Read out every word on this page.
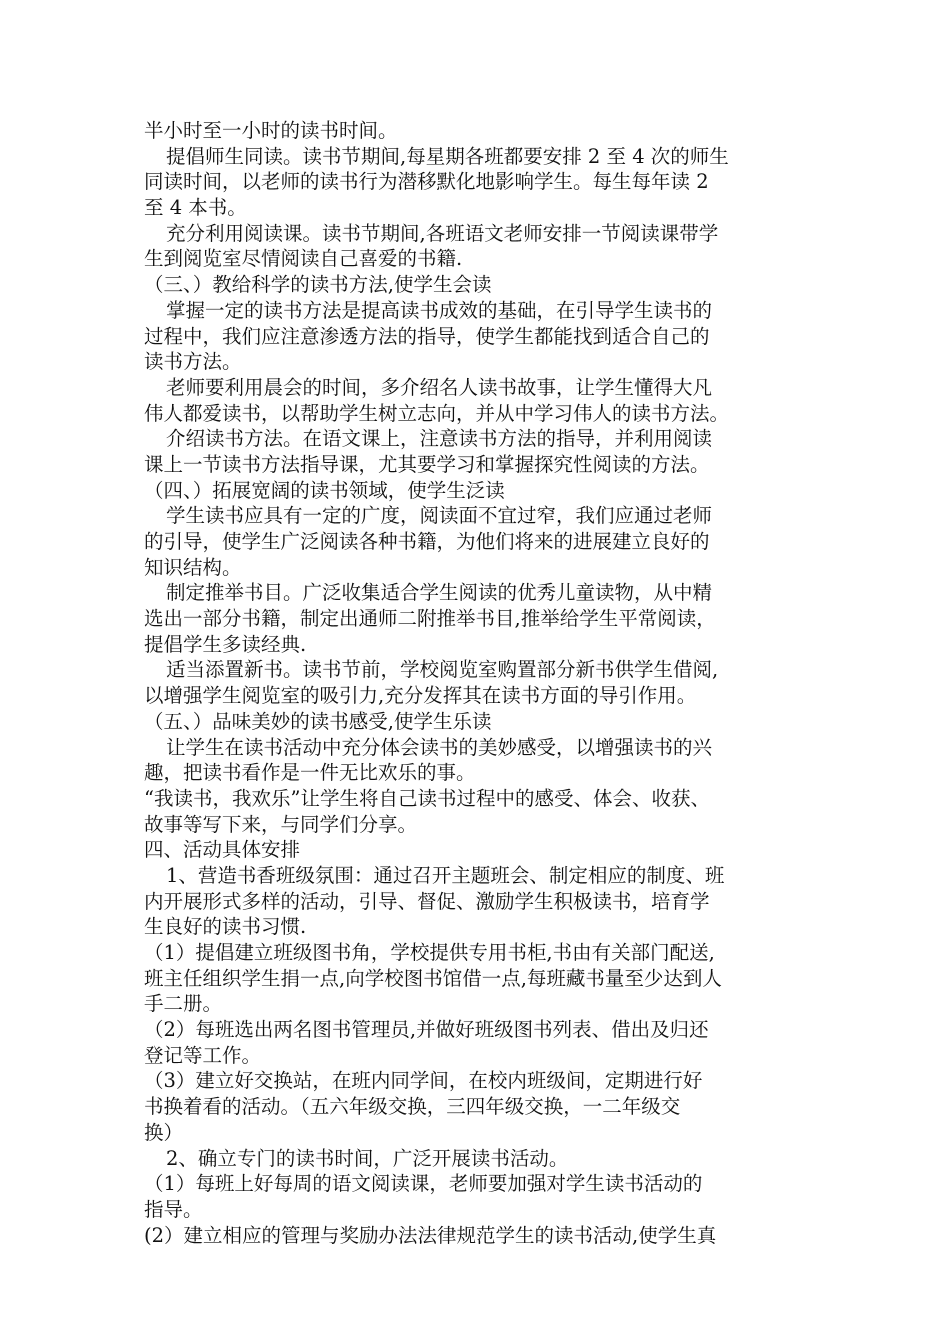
半小时至一小时的读书时间。
提倡师生同读。读书节期间,每星期各班都要安排 2 至 4 次的师生
同读时间，以老师的读书行为潜移默化地影响学生。每生每年读 2
至 4 本书。
充分利用阅读课。读书节期间,各班语文老师安排一节阅读课带学
生到阅览室尽情阅读自己喜爱的书籍.
（三、）教给科学的读书方法,使学生会读
掌握一定的读书方法是提高读书成效的基础，在引导学生读书的
过程中，我们应注意渗透方法的指导，使学生都能找到适合自己的
读书方法。
老师要利用晨会的时间，多介绍名人读书故事，让学生懂得大凡
伟人都爱读书，以帮助学生树立志向，并从中学习伟人的读书方法。
介绍读书方法。在语文课上，注意读书方法的指导，并利用阅读
课上一节读书方法指导课，尤其要学习和掌握探究性阅读的方法。
（四、）拓展宽阔的读书领域，使学生泛读
学生读书应具有一定的广度，阅读面不宜过窄，我们应通过老师
的引导，使学生广泛阅读各种书籍，为他们将来的进展建立良好的
知识结构。
制定推举书目。广泛收集适合学生阅读的优秀儿童读物，从中精
选出一部分书籍，制定出通师二附推举书目,推举给学生平常阅读，
提倡学生多读经典.
适当添置新书。读书节前，学校阅览室购置部分新书供学生借阅,
以增强学生阅览室的吸引力,充分发挥其在读书方面的导引作用。
（五、）品味美妙的读书感受,使学生乐读
让学生在读书活动中充分体会读书的美妙感受，以增强读书的兴
趣，把读书看作是一件无比欢乐的事。
“我读书，我欢乐”让学生将自己读书过程中的感受、体会、收获、
故事等写下来，与同学们分享。
四、活动具体安排
1、营造书香班级氛围：通过召开主题班会、制定相应的制度、班
内开展形式多样的活动，引导、督促、激励学生积极读书，培育学
生良好的读书习惯.
（1）提倡建立班级图书角，学校提供专用书柜,书由有关部门配送,
班主任组织学生捐一点,向学校图书馆借一点,每班藏书量至少达到人
手二册。
（2）每班选出两名图书管理员,并做好班级图书列表、借出及归还
登记等工作。
（3）建立好交换站，在班内同学间，在校内班级间，定期进行好
书换着看的活动。（五六年级交换，三四年级交换，一二年级交
换）
2、确立专门的读书时间，广泛开展读书活动。
（1）每班上好每周的语文阅读课，老师要加强对学生读书活动的
指导。
(2）建立相应的管理与奖励办法法律规范学生的读书活动,使学生真
